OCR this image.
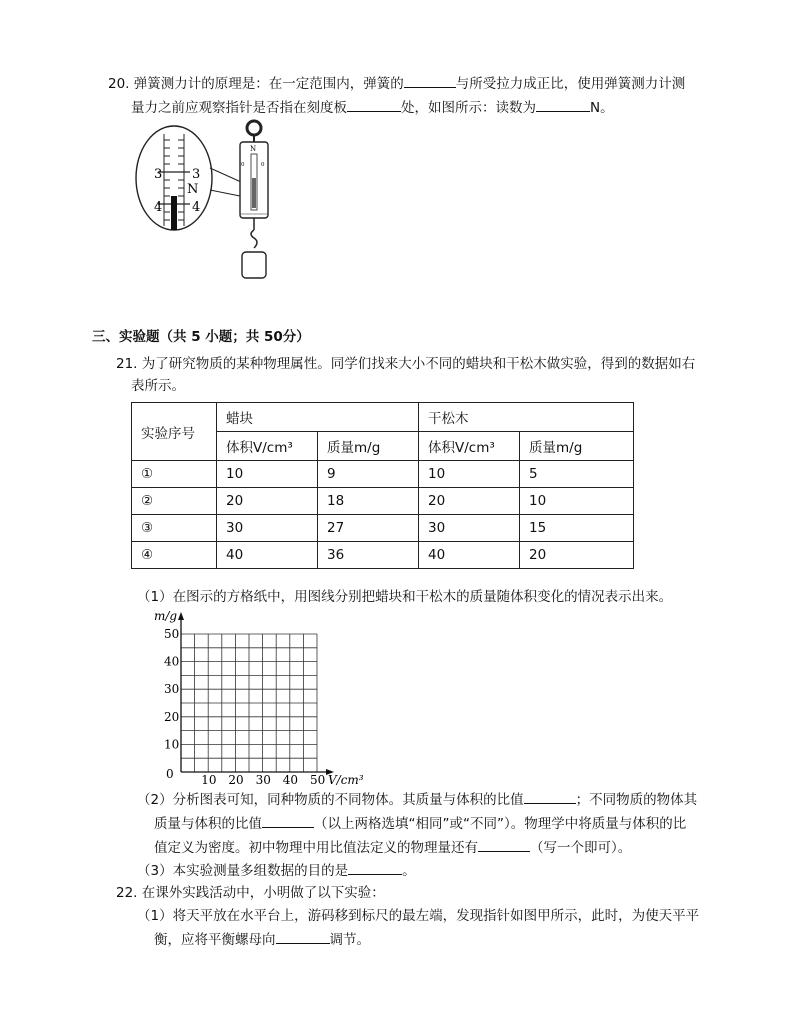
20. 弹簧测力计的原理是：在一定范围内，弹簧的	与所受拉力成正比，使用弹簧测力计测
量力之前应观察指针是否指在刻度板	处，如图所示：读数为	N。
3 3
N
4 4
N
0	0
三、实验题（共 5 小题；共 50分）
21. 为了研究物质的某种物理属性。同学们找来大小不同的蜡块和干松木做实验，得到的数据如右
表所示。
实验序号	蜡块		干松木	
	体积V/cm³	质量m/g	体积V/cm³	质量m/g
①	10	9	10	5
②	20	18	20	10
③	30	27	30	15
④	40	36	40	20
（1）在图示的方格纸中，用图线分别把蜡块和干松木的质量随体积变化的情况表示出来。
m/g
V/cm³
0
50
40
30
20
10
10 20 30 40 50
（2）分析图表可知，同种物质的不同物体。其质量与体积的比值	；不同物质的物体其
质量与体积的比值	（以上两格选填“相同”或“不同”）。物理学中将质量与体积的比
值定义为密度。初中物理中用比值法定义的物理量还有	（写一个即可）。
（3）本实验测量多组数据的目的是	。
22. 在课外实践活动中，小明做了以下实验：
（1）将天平放在水平台上，游码移到标尺的最左端，发现指针如图甲所示，此时，为使天平平
衡，应将平衡螺母向	调节。
